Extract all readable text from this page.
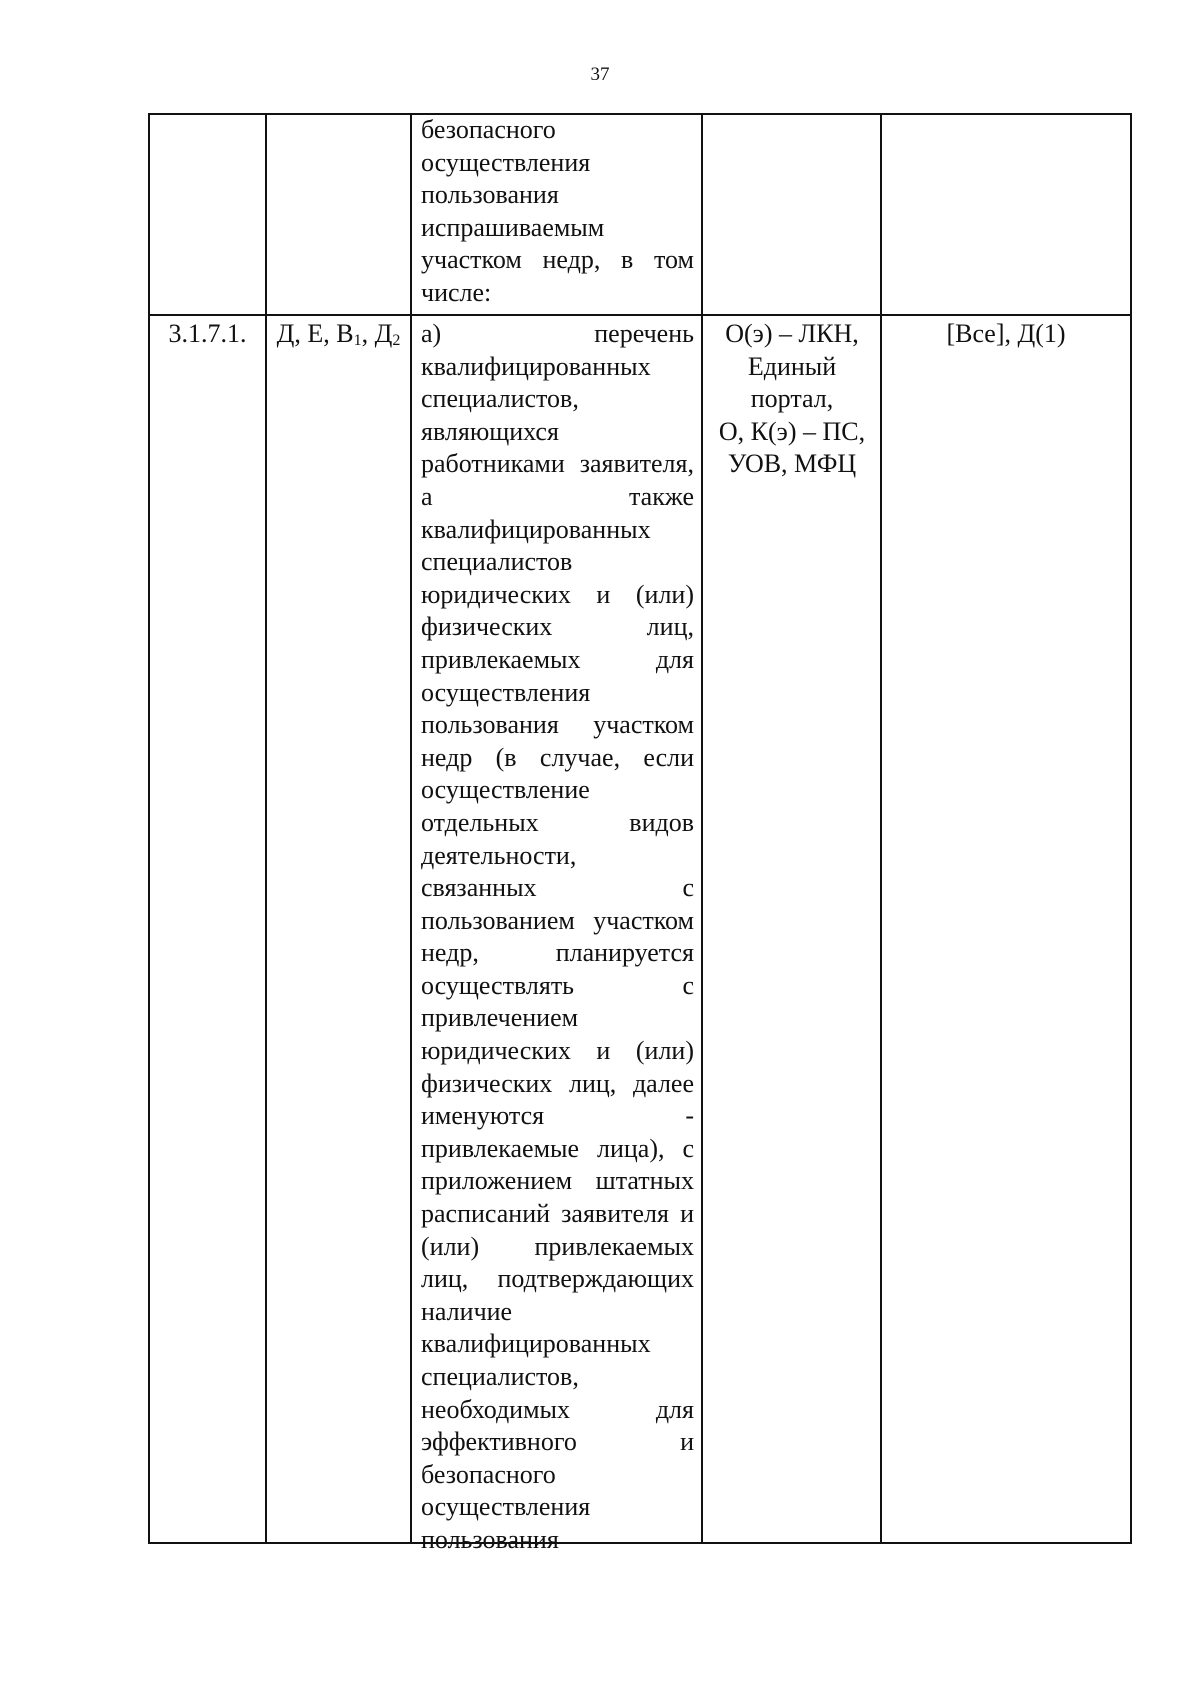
37
безопасного
осуществления
пользования
испрашиваемым
участком недр, в том
числе:
3.1.7.1.	Д, Е, $В_1$, $Д_2$ а) перечень
квалифицированных
специалистов,
являющихся
работниками заявителя,
а также
квалифицированных
специалистов
юридических и (или)
физических лиц,
привлекаемых для
осуществления
пользования участком
недр (в случае, если
осуществление
отдельных видов
деятельности,
связанных с
пользованием участком
недр, планируется
осуществлять с
привлечением
юридических и (или)
физических лиц, далее
именуются -
привлекаемые лица), с
приложением штатных
расписаний заявителя и
(или) привлекаемых
лиц, подтверждающих
наличие
квалифицированных
специалистов,
необходимых для
эффективного и
безопасного
осуществления
пользования
О(э) – ЛКН,
Единый
портал,
О, К(э) – ПС,
УОВ, МФЦ
[Все], Д(1)
